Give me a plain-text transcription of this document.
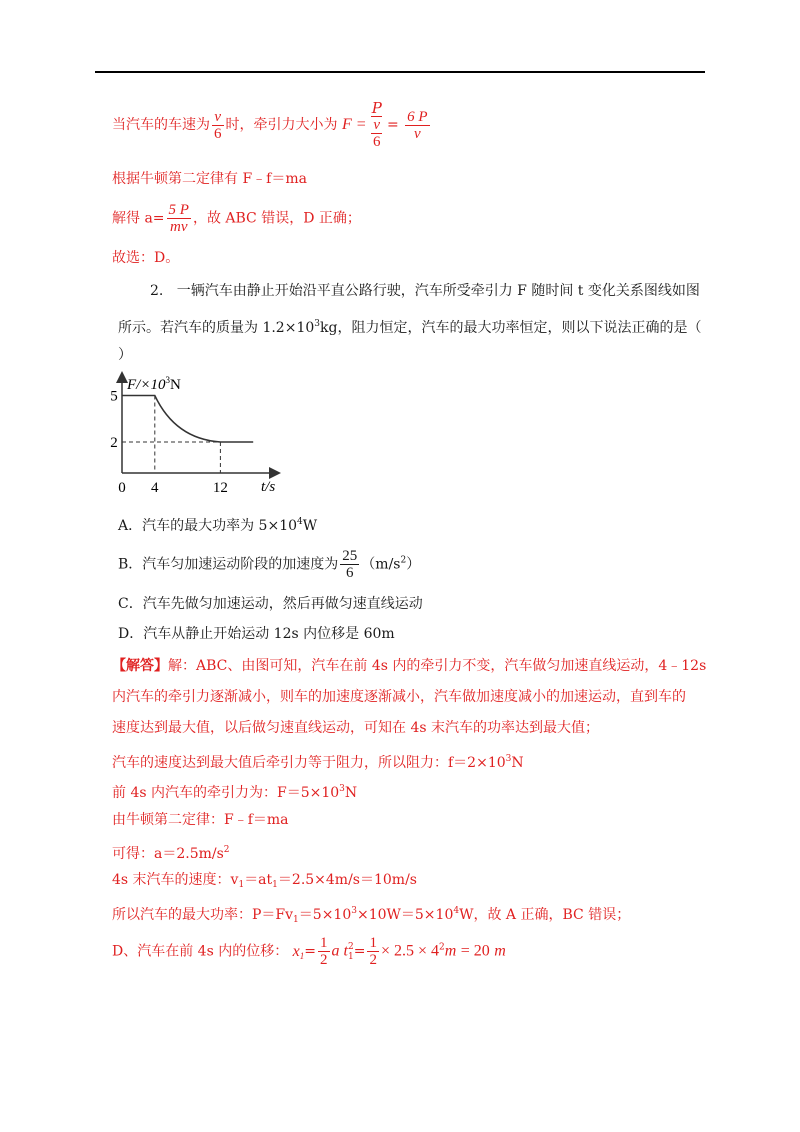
当汽车的车速为 $\frac{v}{6}$ 时，牵引力大小为 $F = \frac{P}{\frac{v}{6}} = \frac{6 P}{v}$
根据牛顿第二定律有 F﹣f＝ma
解得 $a= \frac{5 P}{mv}$ ，故 ABC 错误，D 正确；
故选：D。
2. 一辆汽车由静止开始沿平直公路行驶，汽车所受牵引力 F 随时间 t 变化关系图线如图
所示。若汽车的质量为 $1.2\times 10^3kg$，阻力恒定，汽车的最大功率恒定，则以下说法正确的是（
）
$F/\times 10^3N$
t/s
0 4	12
5
2
A．汽车的最大功率为 $5\times 10^4W$
B．汽车匀加速运动阶段的加速度为 $\frac{25}{6} (m/s^2)$
C．汽车先做匀加速运动，然后再做匀速直线运动
D．汽车从静止开始运动 12s 内位移是 60m
【解答】解：ABC、由图可知，汽车在前 4s 内的牵引力不变，汽车做匀加速直线运动，4﹣12s
内汽车的牵引力逐渐减小，则车的加速度逐渐减小，汽车做加速度减小的加速运动，直到车的
速度达到最大值，以后做匀速直线运动，可知在 4s 末汽车的功率达到最大值；
汽车的速度达到最大值后牵引力等于阻力，所以阻力：$f=2\times 10^3N$
前 4s 内汽车的牵引力为：$F=5\times 10^3N$
由牛顿第二定律：F﹣f＝ma
可得：$a=2.5m/s^2$
4s 末汽车的速度：$v_1=at_1=2.5\times 4m/s=10m/s$
所以汽车的最大功率：$P=Fv_1=5\times 10^3\times 10W=5\times 10^4W$，故 A 正确，BC 错误；
D、汽车在前 4s 内的位移： $x_1= \frac{1}{2}$ a t 2
$1 = \frac{1}{2} \times 2.5 \times 4^2m = 20$ m
